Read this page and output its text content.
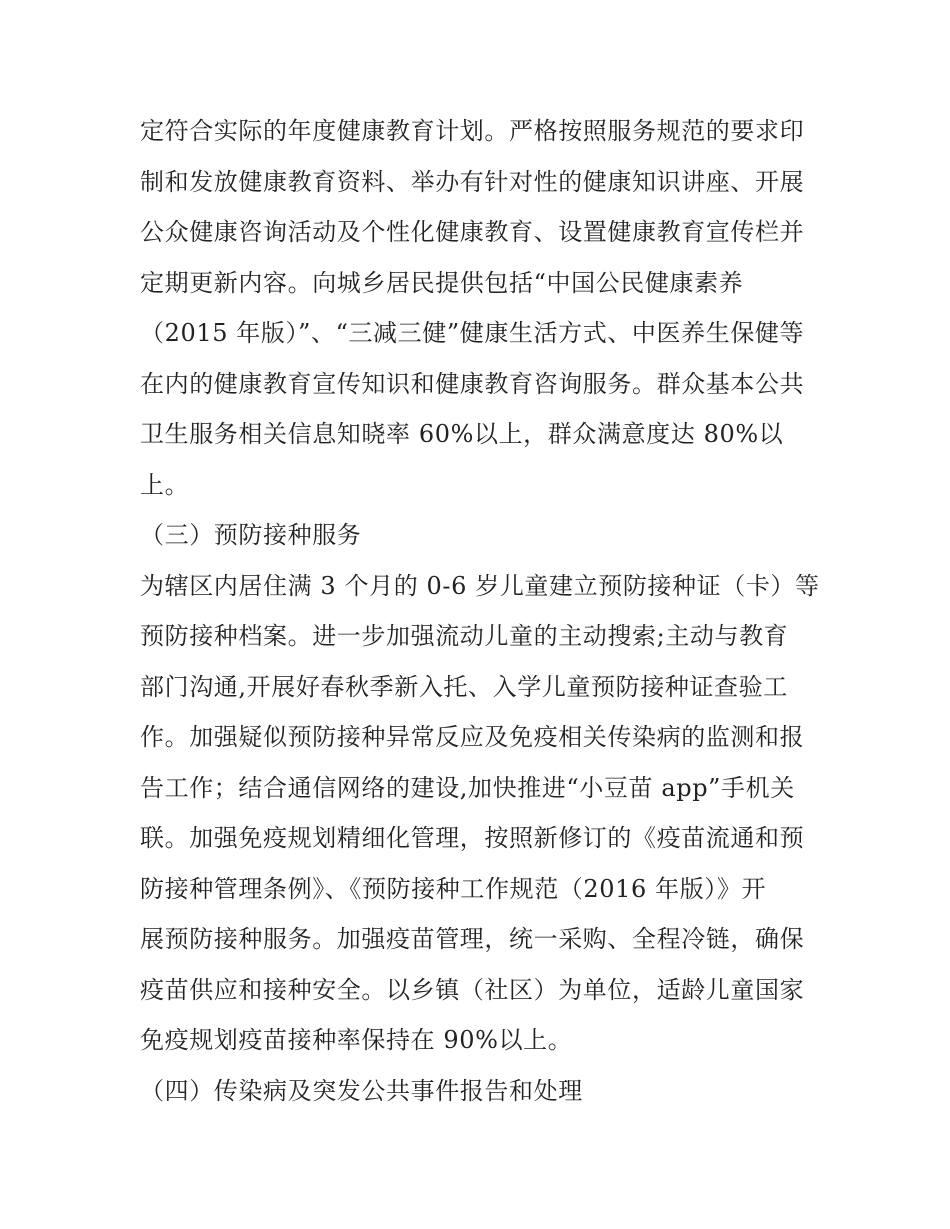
定符合实际的年度健康教育计划。严格按照服务规范的要求印
制和发放健康教育资料、举办有针对性的健康知识讲座、开展
公众健康咨询活动及个性化健康教育、设置健康教育宣传栏并
定期更新内容。向城乡居民提供包括“中国公民健康素养
（2015 年版）”、“三减三健”健康生活方式、中医养生保健等
在内的健康教育宣传知识和健康教育咨询服务。群众基本公共
卫生服务相关信息知晓率 60%以上，群众满意度达 80%以
上。
（三）预防接种服务
为辖区内居住满 3 个月的 0-6 岁儿童建立预防接种证（卡）等
预防接种档案。进一步加强流动儿童的主动搜索;主动与教育
部门沟通,开展好春秋季新入托、入学儿童预防接种证查验工
作。加强疑似预防接种异常反应及免疫相关传染病的监测和报
告工作；结合通信网络的建设,加快推进“小豆苗 app”手机关
联。加强免疫规划精细化管理，按照新修订的《疫苗流通和预
防接种管理条例》、《预防接种工作规范（2016 年版）》开
展预防接种服务。加强疫苗管理，统一采购、全程冷链，确保
疫苗供应和接种安全。以乡镇（社区）为单位，适龄儿童国家
免疫规划疫苗接种率保持在 90%以上。
（四）传染病及突发公共事件报告和处理
